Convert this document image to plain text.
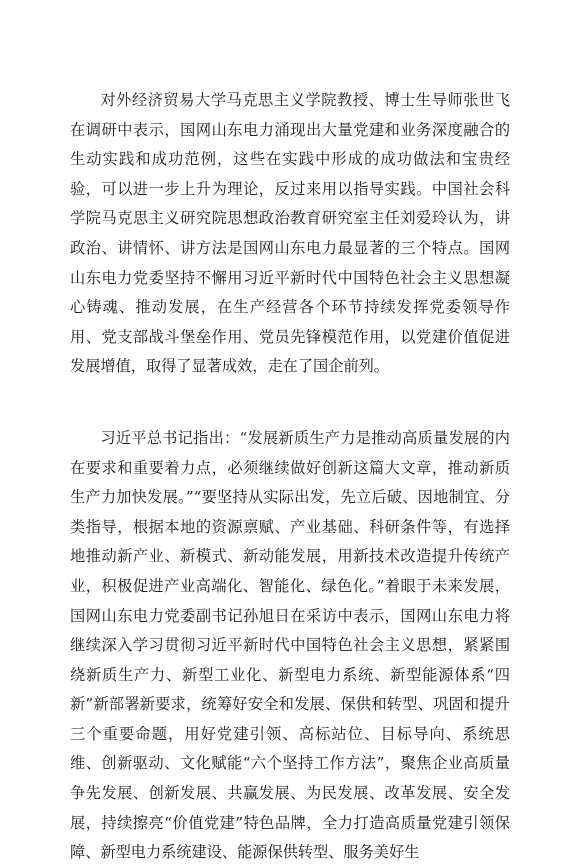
对外经济贸易大学马克思主义学院教授、博士生导师张世飞在调研中表示，国网山东电力涌现出大量党建和业务深度融合的生动实践和成功范例，这些在实践中形成的成功做法和宝贵经验，可以进一步上升为理论，反过来用以指导实践。中国社会科学院马克思主义研究院思想政治教育研究室主任刘爱玲认为，讲政治、讲情怀、讲方法是国网山东电力最显著的三个特点。国网山东电力党委坚持不懈用习近平新时代中国特色社会主义思想凝心铸魂、推动发展，在生产经营各个环节持续发挥党委领导作用、党支部战斗堡垒作用、党员先锋模范作用，以党建价值促进发展增值，取得了显著成效，走在了国企前列。

习近平总书记指出：“发展新质生产力是推动高质量发展的内在要求和重要着力点，必须继续做好创新这篇大文章，推动新质生产力加快发展。”“要坚持从实际出发，先立后破、因地制宜、分类指导，根据本地的资源禀赋、产业基础、科研条件等，有选择地推动新产业、新模式、新动能发展，用新技术改造提升传统产业，积极促进产业高端化、智能化、绿色化。”着眼于未来发展，国网山东电力党委副书记孙旭日在采访中表示，国网山东电力将继续深入学习贯彻习近平新时代中国特色社会主义思想，紧紧围绕新质生产力、新型工业化、新型电力系统、新型能源体系“四新”新部署新要求，统筹好安全和发展、保供和转型、巩固和提升三个重要命题，用好党建引领、高标站位、目标导向、系统思维、创新驱动、文化赋能“六个坚持工作方法”，聚焦企业高质量争先发展、创新发展、共赢发展、为民发展、改革发展、安全发展，持续擦亮“价值党建”特色品牌，全力打造高质量党建引领保障、新型电力系统建设、能源保供转型、服务美好生
